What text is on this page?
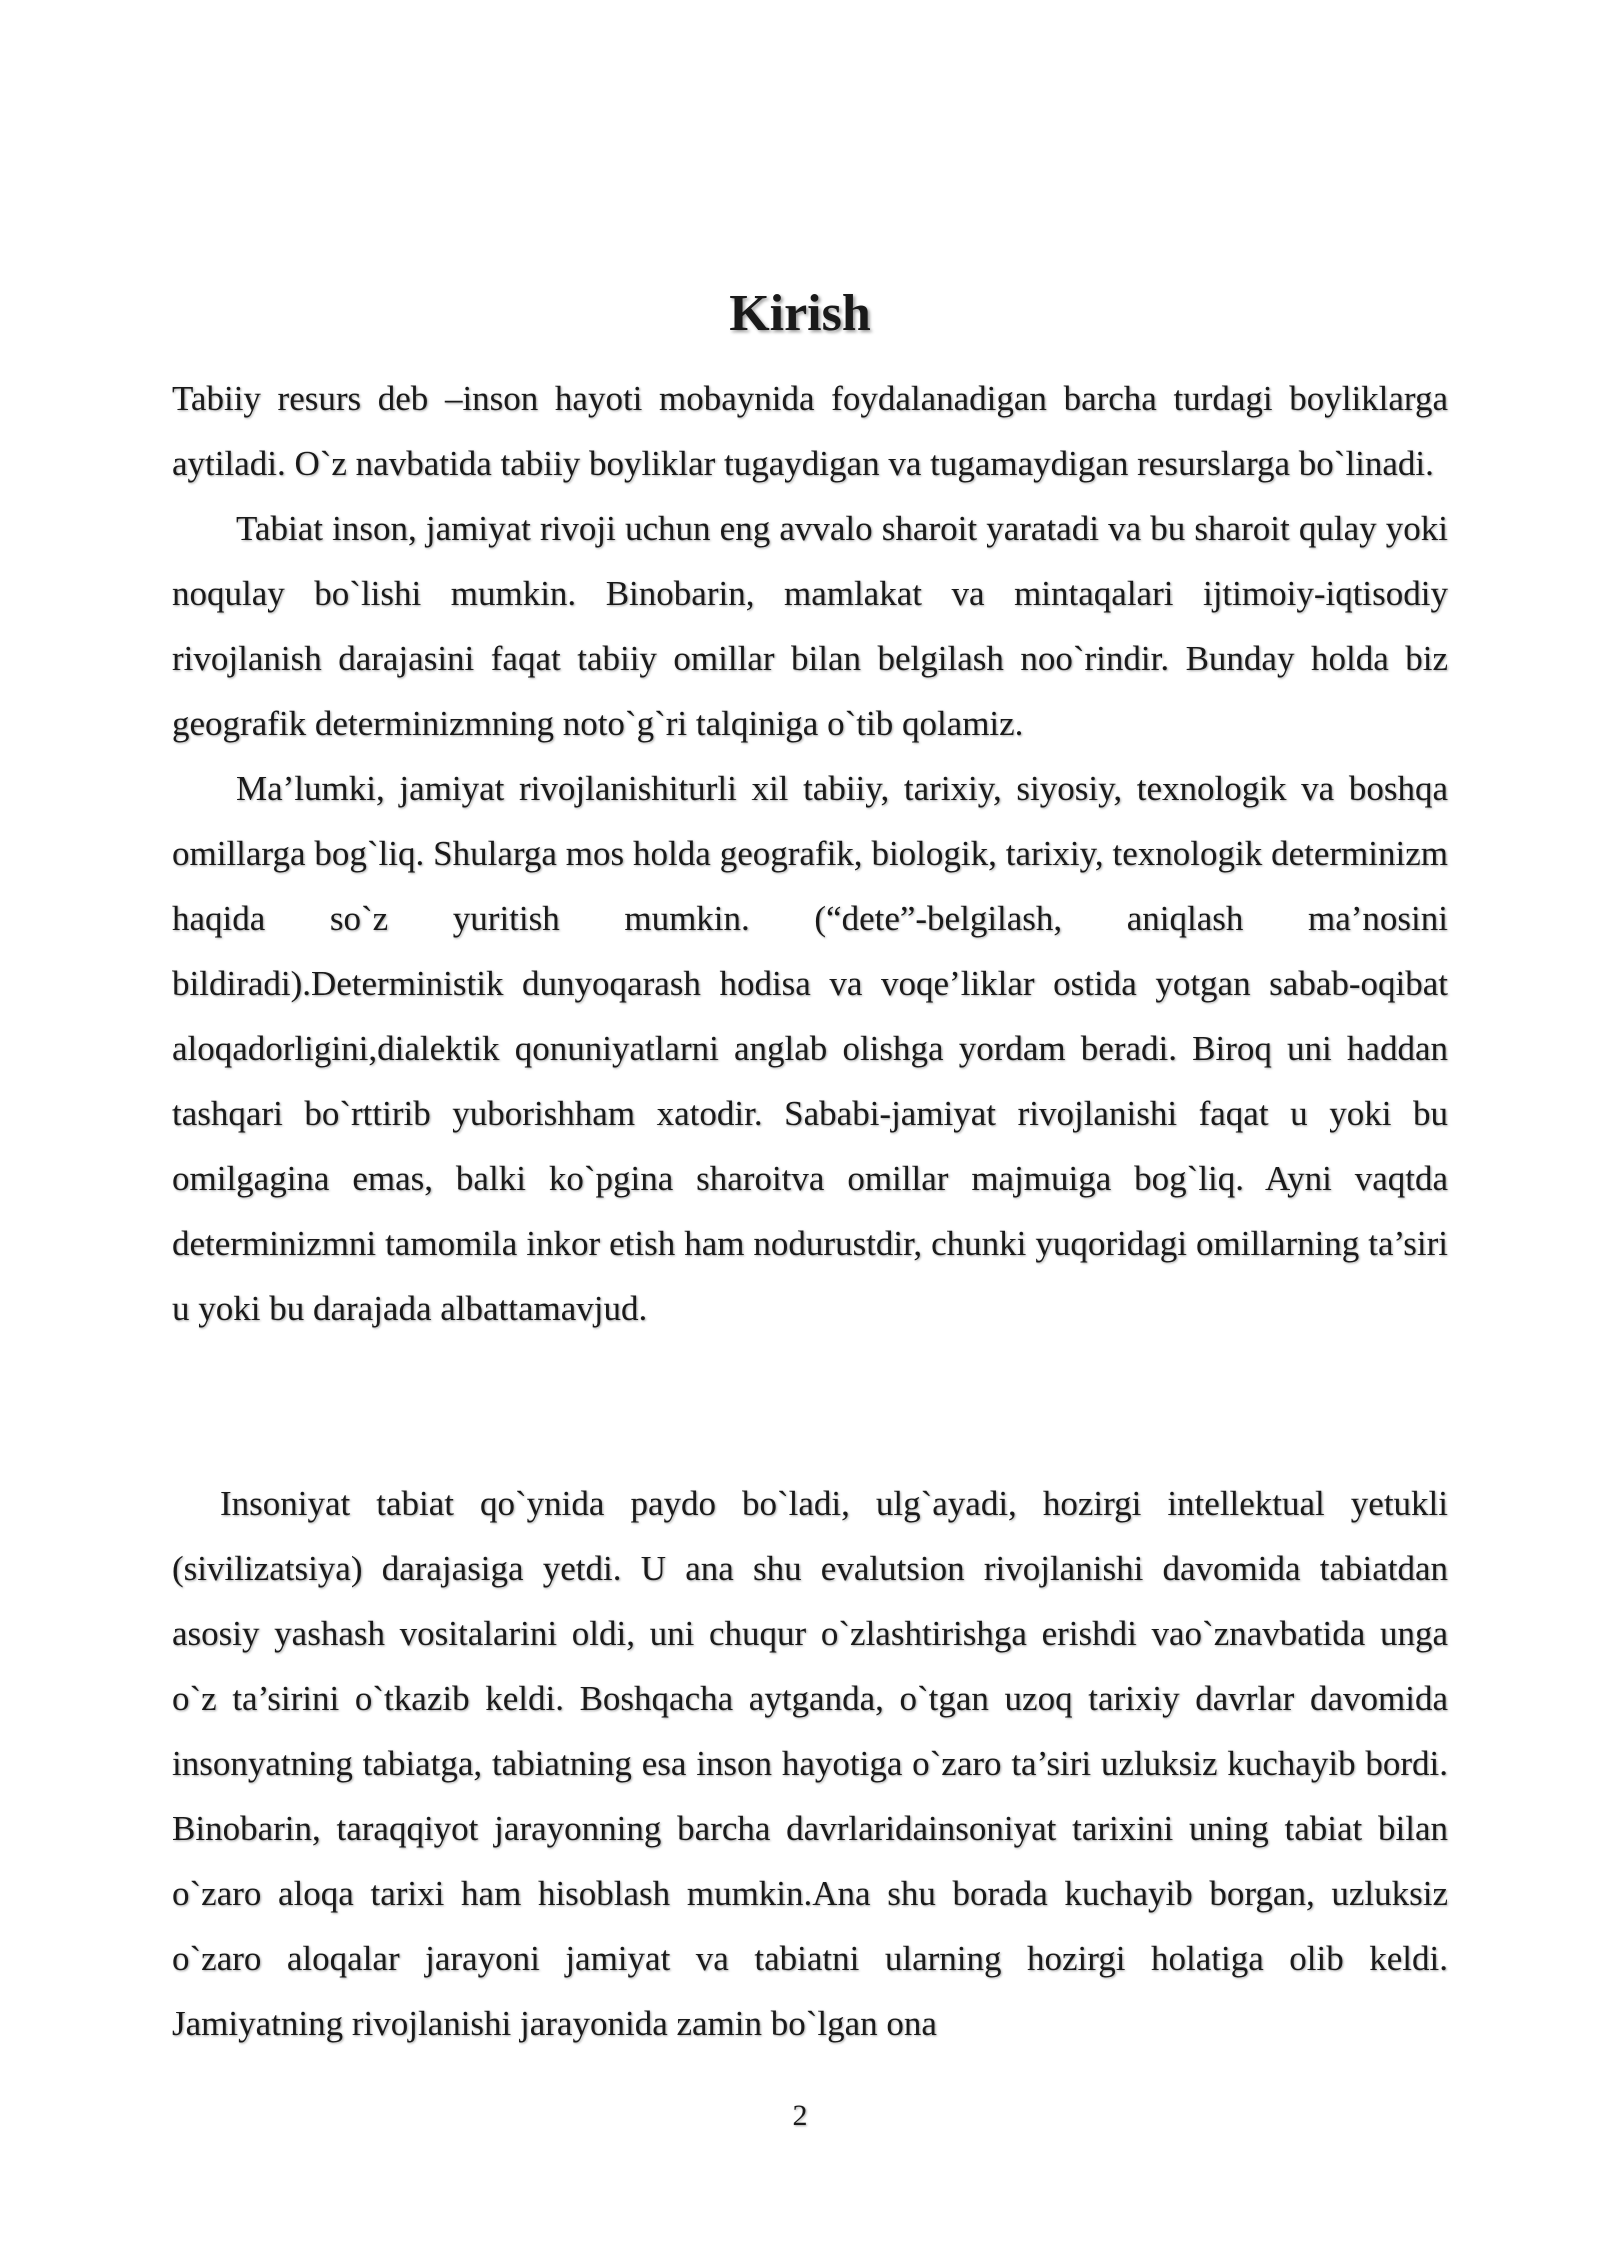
Kirish

Tabiiy resurs deb –inson hayoti mobaynida foydalanadigan barcha turdagi boyliklarga aytiladi. O`z navbatida tabiiy boyliklar tugaydigan va tugamaydigan resurslarga bo`linadi.

Tabiat inson, jamiyat rivoji uchun eng avvalo sharoit yaratadi va bu sharoit qulay yoki noqulay bo`lishi mumkin. Binobarin, mamlakat va mintaqalari ijtimoiy-iqtisodiy rivojlanish darajasini faqat tabiiy omillar bilan belgilash noo`rindir. Bunday holda biz geografik determinizmning noto`g`ri talqiniga o`tib qolamiz.

Ma’lumki, jamiyat rivojlanishiturli xil tabiiy, tarixiy, siyosiy, texnologik va boshqa omillarga bog`liq. Shularga mos holda geografik, biologik, tarixiy, texnologik determinizm haqida so`z yuritish mumkin. (“dete”-belgilash, aniqlash ma’nosini bildiradi).Deterministik dunyoqarash hodisa va voqe’liklar ostida yotgan sabab-oqibat aloqadorligini,dialektik qonuniyatlarni anglab olishga yordam beradi. Biroq uni haddan tashqari bo`rttirib yuborishham xatodir. Sababi-jamiyat rivojlanishi faqat u yoki bu omilgagina emas, balki ko`pgina sharoitva omillar majmuiga bog`liq. Ayni vaqtda determinizmni tamomila inkor etish ham nodurustdir, chunki yuqoridagi omillarning ta’siri u yoki bu darajada albattamavjud.

Insoniyat tabiat qo`ynida paydo bo`ladi, ulg`ayadi, hozirgi intellektual yetukli (sivilizatsiya) darajasiga yetdi. U ana shu evalutsion rivojlanishi davomida tabiatdan asosiy yashash vositalarini oldi, uni chuqur o`zlashtirishga erishdi vao`znavbatida unga o`z ta’sirini o`tkazib keldi. Boshqacha aytganda, o`tgan uzoq tarixiy davrlar davomida insonyatning tabiatga, tabiatning esa inson hayotiga o`zaro ta’siri uzluksiz kuchayib bordi. Binobarin, taraqqiyot jarayonning barcha davrlaridainsoniyat tarixini uning tabiat bilan o`zaro aloqa tarixi ham hisoblash mumkin.Ana shu borada kuchayib borgan, uzluksiz o`zaro aloqalar jarayoni jamiyat va tabiatni ularning hozirgi holatiga olib keldi. Jamiyatning rivojlanishi jarayonida zamin bo`lgan ona

2
